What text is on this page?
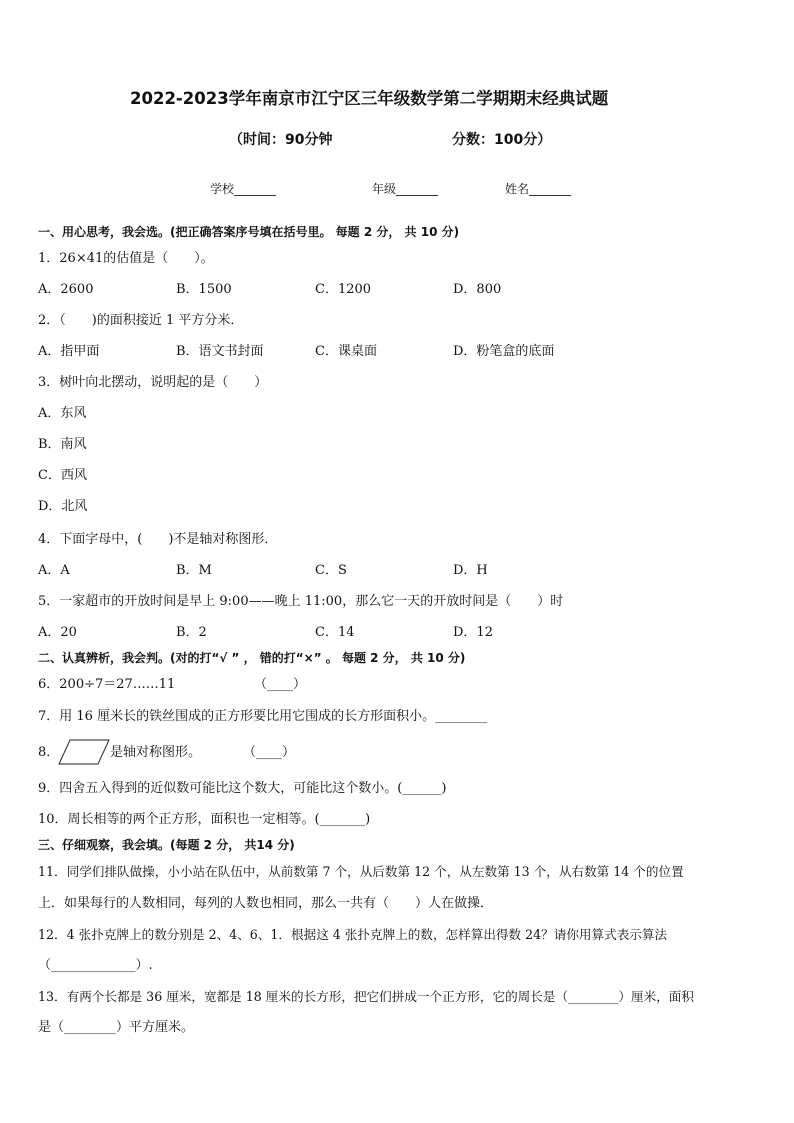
2022-2023学年南京市江宁区三年级数学第二学期期末经典试题
（时间：90分钟	分数：100分）
学校_______	年级_______	姓名_______
一、用心思考，我会选。(把正确答案序号填在括号里。 每题 2 分， 共 10 分)
1．26×41的估值是（　　）。
A．2600	B．1500	C．1200	D．800
2．（　　)的面积接近 1 平方分米．
A．指甲面	B．语文书封面	C．课桌面	D．粉笔盒的底面
3．树叶向北摆动，说明起的是（　　）
A．东风
B．南风
C．西风
D．北风
4．下面字母中，(　　)不是轴对称图形．
A．A	B．M	C．S	D．H
5．一家超市的开放时间是早上 9:00——晚上 11:00，那么它一天的开放时间是（　　）时
A．20	B．2	C．14	D．12
二、认真辨析，我会判。(对的打“√ ” ， 错的打“×” 。 每题 2 分， 共 10 分)
6．200÷7＝27……11	（____）
7．用 16 厘米长的铁丝围成的正方形要比用它围成的长方形面积小。________
8．	是轴对称图形。	（____）
9．四舍五入得到的近似数可能比这个数大，可能比这个数小。(______)
10．周长相等的两个正方形，面积也一定相等。(_______)
三、仔细观察，我会填。(每题 2 分， 共14 分)
11．同学们排队做操，小小站在队伍中，从前数第 7 个，从后数第 12 个，从左数第 13 个，从右数第 14 个的位置
上．如果每行的人数相同，每列的人数也相同，那么一共有（　　）人在做操．
12．4 张扑克牌上的数分别是 2、4、6、1．根据这 4 张扑克牌上的数，怎样算出得数 24？请你用算式表示算法
（_____________）.
13．有两个长都是 36 厘米，宽都是 18 厘米的长方形，把它们拼成一个正方形，它的周长是（________）厘米，面积
是（________）平方厘米。
